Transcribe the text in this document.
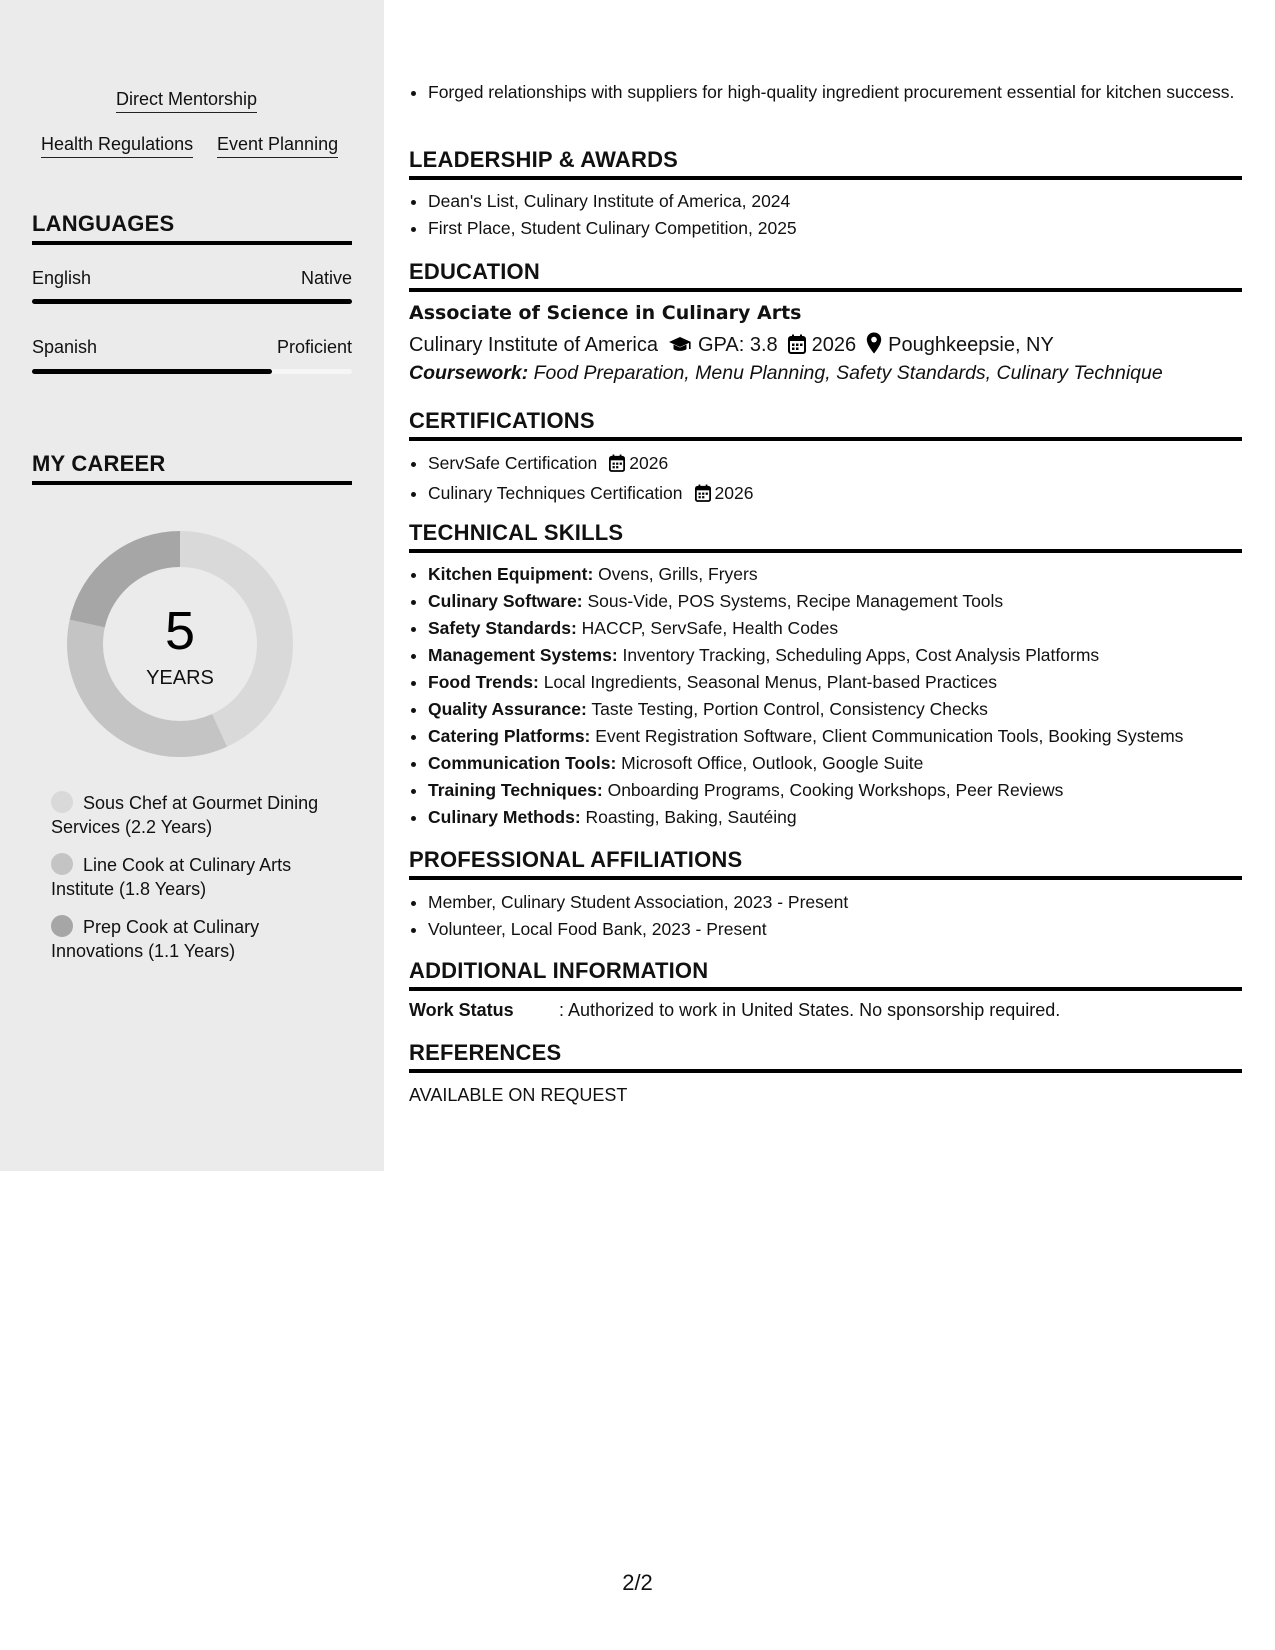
Direct Mentorship
Health Regulations Event Planning
LANGUAGES
English	Native
Spanish	Proficient
MY CAREER
5
YEARS
Sous Chef at Gourmet Dining Services (2.2 Years)
Line Cook at Culinary Arts Institute (1.8 Years)
Prep Cook at Culinary Innovations (1.1 Years)
• Forged relationships with suppliers for high-quality ingredient procurement essential for kitchen success.
LEADERSHIP & AWARDS
• Dean's List, Culinary Institute of America, 2024
• First Place, Student Culinary Competition, 2025
EDUCATION
Associate of Science in Culinary Arts
Culinary Institute of America GPA: 3.8 2026 Poughkeepsie, NY
Coursework: Food Preparation, Menu Planning, Safety Standards, Culinary Technique
CERTIFICATIONS
• ServSafe Certification 2026
• Culinary Techniques Certification 2026
TECHNICAL SKILLS
• Kitchen Equipment: Ovens, Grills, Fryers
• Culinary Software: Sous-Vide, POS Systems, Recipe Management Tools
• Safety Standards: HACCP, ServSafe, Health Codes
• Management Systems: Inventory Tracking, Scheduling Apps, Cost Analysis Platforms
• Food Trends: Local Ingredients, Seasonal Menus, Plant-based Practices
• Quality Assurance: Taste Testing, Portion Control, Consistency Checks
• Catering Platforms: Event Registration Software, Client Communication Tools, Booking Systems
• Communication Tools: Microsoft Office, Outlook, Google Suite
• Training Techniques: Onboarding Programs, Cooking Workshops, Peer Reviews
• Culinary Methods: Roasting, Baking, Sautéing
PROFESSIONAL AFFILIATIONS
• Member, Culinary Student Association, 2023 - Present
• Volunteer, Local Food Bank, 2023 - Present
ADDITIONAL INFORMATION
Work Status	: Authorized to work in United States. No sponsorship required.
REFERENCES
AVAILABLE ON REQUEST
2/2
